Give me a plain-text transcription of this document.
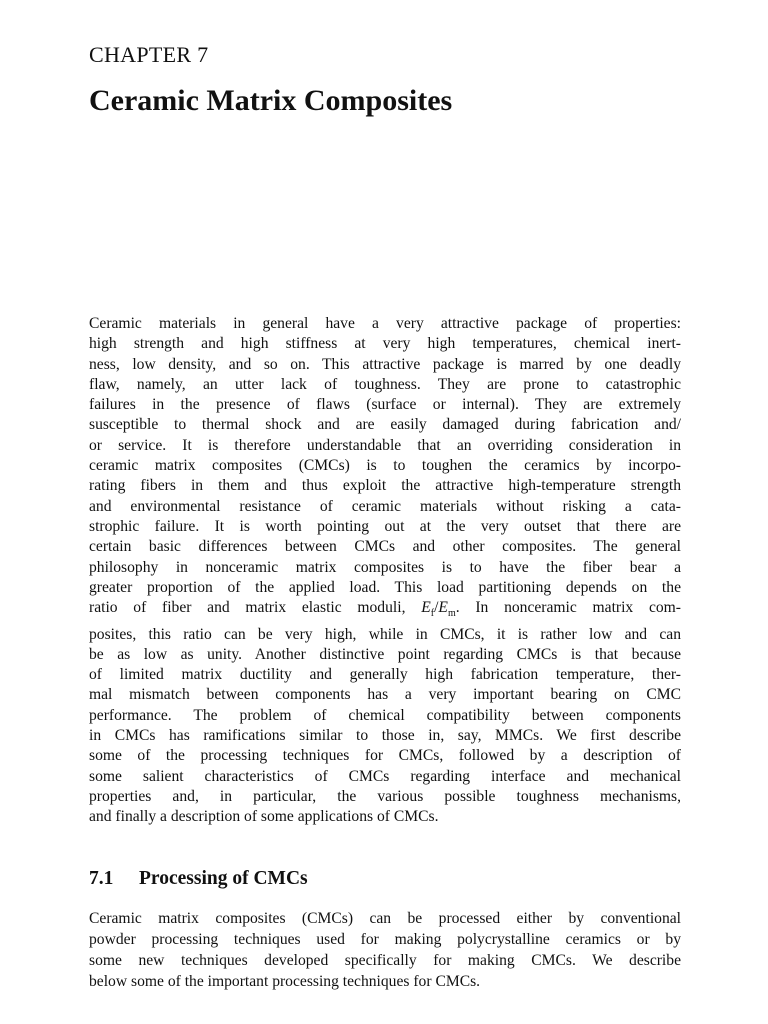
CHAPTER 7
Ceramic Matrix Composites

Ceramic materials in general have a very attractive package of properties:
high strength and high stiffness at very high temperatures, chemical inert-
ness, low density, and so on. This attractive package is marred by one deadly
flaw, namely, an utter lack of toughness. They are prone to catastrophic
failures in the presence of flaws (surface or internal). They are extremely
susceptible to thermal shock and are easily damaged during fabrication and/
or service. It is therefore understandable that an overriding consideration in
ceramic matrix composites (CMCs) is to toughen the ceramics by incorpo-
rating fibers in them and thus exploit the attractive high-temperature strength
and environmental resistance of ceramic materials without risking a cata-
strophic failure. It is worth pointing out at the very outset that there are
certain basic differences between CMCs and other composites. The general
philosophy in nonceramic matrix composites is to have the fiber bear a
greater proportion of the applied load. This load partitioning depends on the
ratio of fiber and matrix elastic moduli, $E_f/E_m$. In nonceramic matrix com-
posites, this ratio can be very high, while in CMCs, it is rather low and can
be as low as unity. Another distinctive point regarding CMCs is that because
of limited matrix ductility and generally high fabrication temperature, ther-
mal mismatch between components has a very important bearing on CMC
performance. The problem of chemical compatibility between components
in CMCs has ramifications similar to those in, say, MMCs. We first describe
some of the processing techniques for CMCs, followed by a description of
some salient characteristics of CMCs regarding interface and mechanical
properties and, in particular, the various possible toughness mechanisms,
and finally a description of some applications of CMCs.

7.1 Processing of CMCs

Ceramic matrix composites (CMCs) can be processed either by conventional
powder processing techniques used for making polycrystalline ceramics or by
some new techniques developed specifically for making CMCs. We describe
below some of the important processing techniques for CMCs.
